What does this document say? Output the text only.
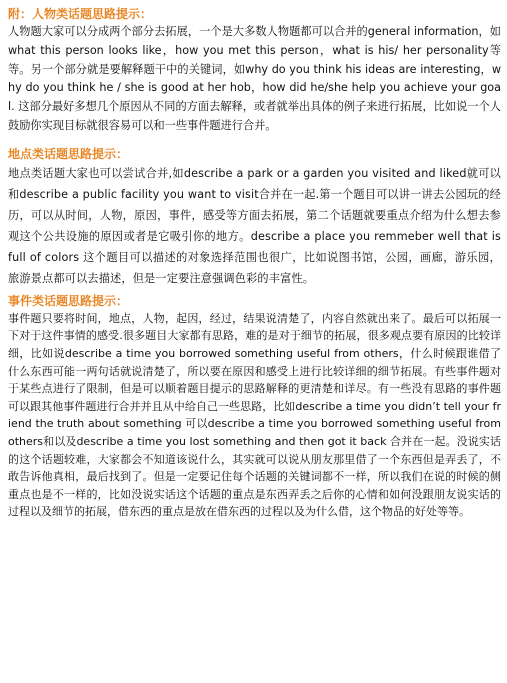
附：人物类话题思路提示：

人物题大家可以分成两个部分去拓展，一个是大多数人物题都可以合并的general information，如what this person looks like，how you met this person，what is his/ her personality等等。另一个部分就是要解释题干中的关键词，如why do you think his ideas are interesting，why do you think he / she is good at her hob，how did he/she help you achieve your goal. 这部分最好多想几个原因从不同的方面去解释，或者就举出具体的例子来进行拓展，比如说一个人鼓励你实现目标就很容易可以和一些事件题进行合并。

地点类话题思路提示：

地点类话题大家也可以尝试合并,如describe a park or a garden you visited and liked就可以和describe a public facility you want to visit合并在一起.第一个题目可以讲一讲去公园玩的经历，可以从时间，人物，原因，事件，感受等方面去拓展，第二个话题就要重点介绍为什么想去参观这个公共设施的原因或者是它吸引你的地方。describe a place you remmeber well that is full of colors 这个题目可以描述的对象选择范围也很广，比如说图书馆，公园，画廊，游乐园，旅游景点都可以去描述，但是一定要注意强调色彩的丰富性。

事件类话题思路提示：

事件题只要将时间，地点，人物，起因，经过，结果说清楚了，内容自然就出来了。最后可以拓展一下对于这件事情的感受.很多题目大家都有思路，难的是对于细节的拓展，很多观点要有原因的比较详细，比如说describe a time you borrowed something useful from others，什么时候跟谁借了什么东西可能一两句话就说清楚了，所以要在原因和感受上进行比较详细的细节拓展。有些事件题对于某些点进行了限制，但是可以顺着题目提示的思路解释的更清楚和详尽。有一些没有思路的事件题可以跟其他事件题进行合并并且从中给自己一些思路，比如describe a time you didn’t tell your friend the truth about something 可以describe a time you borrowed something useful from others和以及describe a time you lost something and then got it back 合并在一起。没说实话的这个话题较难，大家都会不知道该说什么，其实就可以说从朋友那里借了一个东西但是弄丢了，不敢告诉他真相，最后找到了。但是一定要记住每个话题的关键词都不一样，所以我们在说的时候的侧重点也是不一样的，比如没说实话这个话题的重点是东西弄丢之后你的心情和如何没跟朋友说实话的过程以及细节的拓展，借东西的重点是放在借东西的过程以及为什么借，这个物品的好处等等。
